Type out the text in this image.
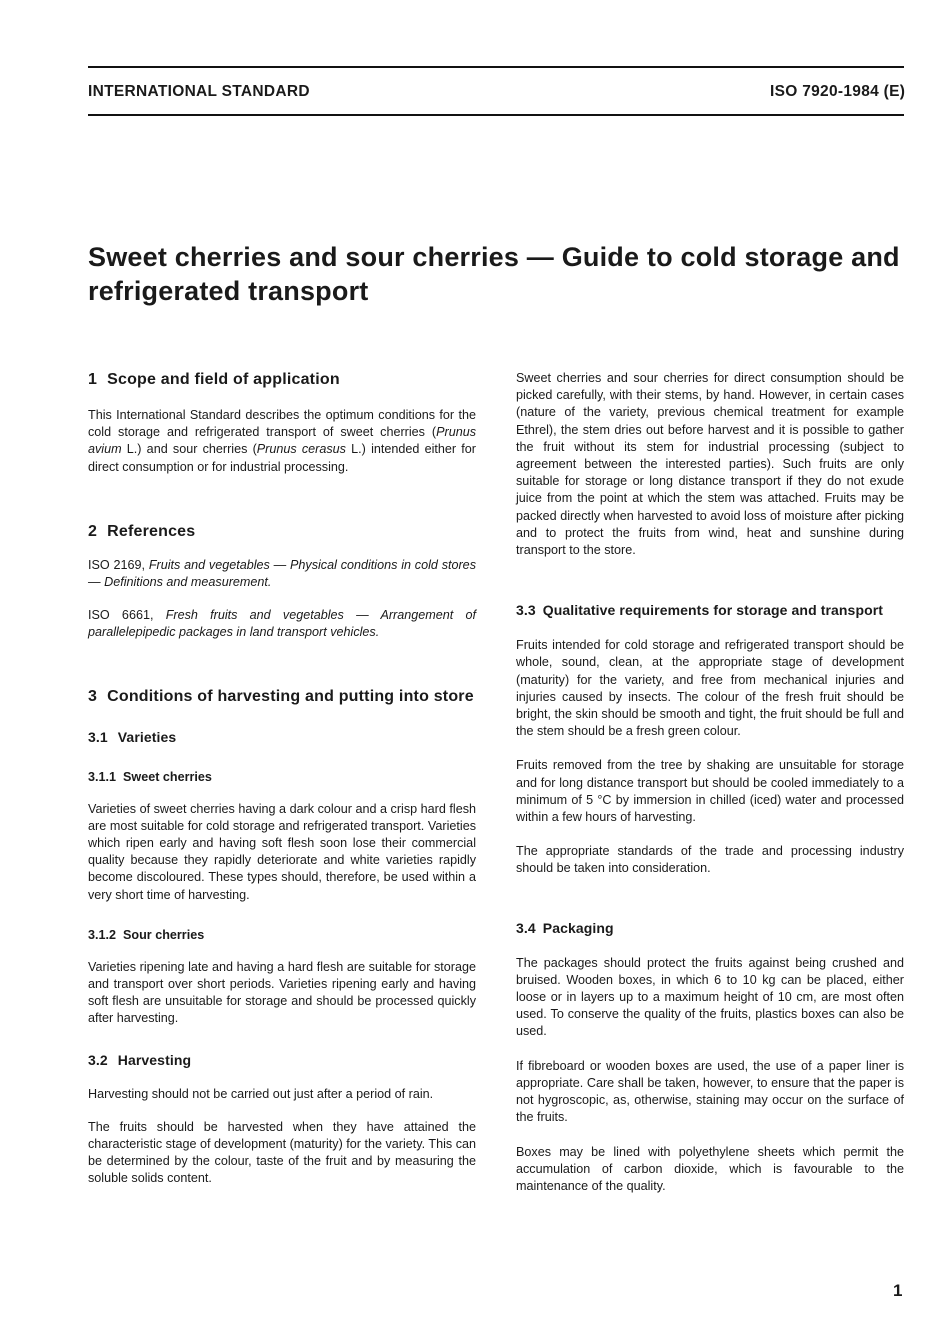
INTERNATIONAL STANDARD	ISO 7920-1984 (E)
Sweet cherries and sour cherries — Guide to cold storage and refrigerated transport
1 Scope and field of application

This International Standard describes the optimum conditions for the cold storage and refrigerated transport of sweet cherries (Prunus avium L.) and sour cherries (Prunus cerasus L.) intended either for direct consumption or for industrial processing.

2 References

ISO 2169, Fruits and vegetables — Physical conditions in cold stores — Definitions and measurement.

ISO 6661, Fresh fruits and vegetables — Arrangement of parallelepipedic packages in land transport vehicles.

3 Conditions of harvesting and putting into store
3.1 Varieties
3.1.1 Sweet cherries

Varieties of sweet cherries having a dark colour and a crisp hard flesh are most suitable for cold storage and refrigerated transport. Varieties which ripen early and having soft flesh soon lose their commercial quality because they rapidly deteriorate and white varieties rapidly become discoloured. These types should, therefore, be used within a very short time of harvesting.

3.1.2 Sour cherries

Varieties ripening late and having a hard flesh are suitable for storage and transport over short periods. Varieties ripening early and having soft flesh are unsuitable for storage and should be processed quickly after harvesting.

3.2 Harvesting

Harvesting should not be carried out just after a period of rain.

The fruits should be harvested when they have attained the characteristic stage of development (maturity) for the variety. This can be determined by the colour, taste of the fruit and by measuring the soluble solids content.

Sweet cherries and sour cherries for direct consumption should be picked carefully, with their stems, by hand. However, in certain cases (nature of the variety, previous chemical treatment for example Ethrel), the stem dries out before harvest and it is possible to gather the fruit without its stem for industrial processing (subject to agreement between the interested parties). Such fruits are only suitable for storage or long distance transport if they do not exude juice from the point at which the stem was attached. Fruits may be packed directly when harvested to avoid loss of moisture after picking and to protect the fruits from wind, heat and sunshine during transport to the store.

3.3 Qualitative requirements for storage and transport

Fruits intended for cold storage and refrigerated transport should be whole, sound, clean, at the appropriate stage of development (maturity) for the variety, and free from mechanical injuries and injuries caused by insects. The colour of the fresh fruit should be bright, the skin should be smooth and tight, the fruit should be full and the stem should be a fresh green colour.

Fruits removed from the tree by shaking are unsuitable for storage and for long distance transport but should be cooled immediately to a minimum of 5 °C by immersion in chilled (iced) water and processed within a few hours of harvesting.

The appropriate standards of the trade and processing industry should be taken into consideration.

3.4 Packaging

The packages should protect the fruits against being crushed and bruised. Wooden boxes, in which 6 to 10 kg can be placed, either loose or in layers up to a maximum height of 10 cm, are most often used. To conserve the quality of the fruits, plastics boxes can also be used.

If fibreboard or wooden boxes are used, the use of a paper liner is appropriate. Care shall be taken, however, to ensure that the paper is not hygroscopic, as, otherwise, staining may occur on the surface of the fruits.

Boxes may be lined with polyethylene sheets which permit the accumulation of carbon dioxide, which is favourable to the maintenance of the quality.

1
